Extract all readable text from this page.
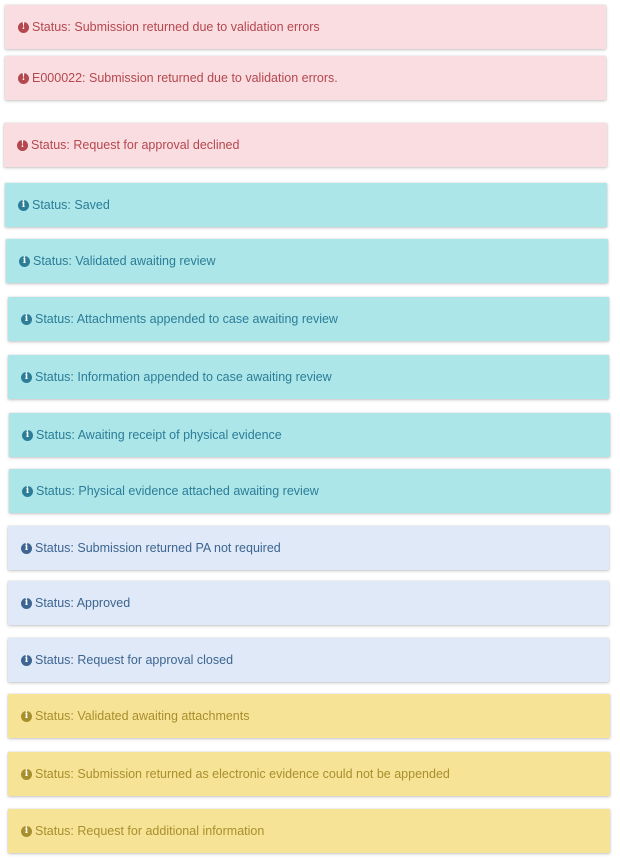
! Status: Submission returned due to validation errors
! E000022: Submission returned due to validation errors.
! Status: Request for approval declined
i Status: Saved
i Status: Validated awaiting review
i Status: Attachments appended to case awaiting review
i Status: Information appended to case awaiting review
i Status: Awaiting receipt of physical evidence
i Status: Physical evidence attached awaiting review
i Status: Submission returned PA not required
i Status: Approved
i Status: Request for approval closed
i Status: Validated awaiting attachments
i Status: Submission returned as electronic evidence could not be appended
i Status: Request for additional information
